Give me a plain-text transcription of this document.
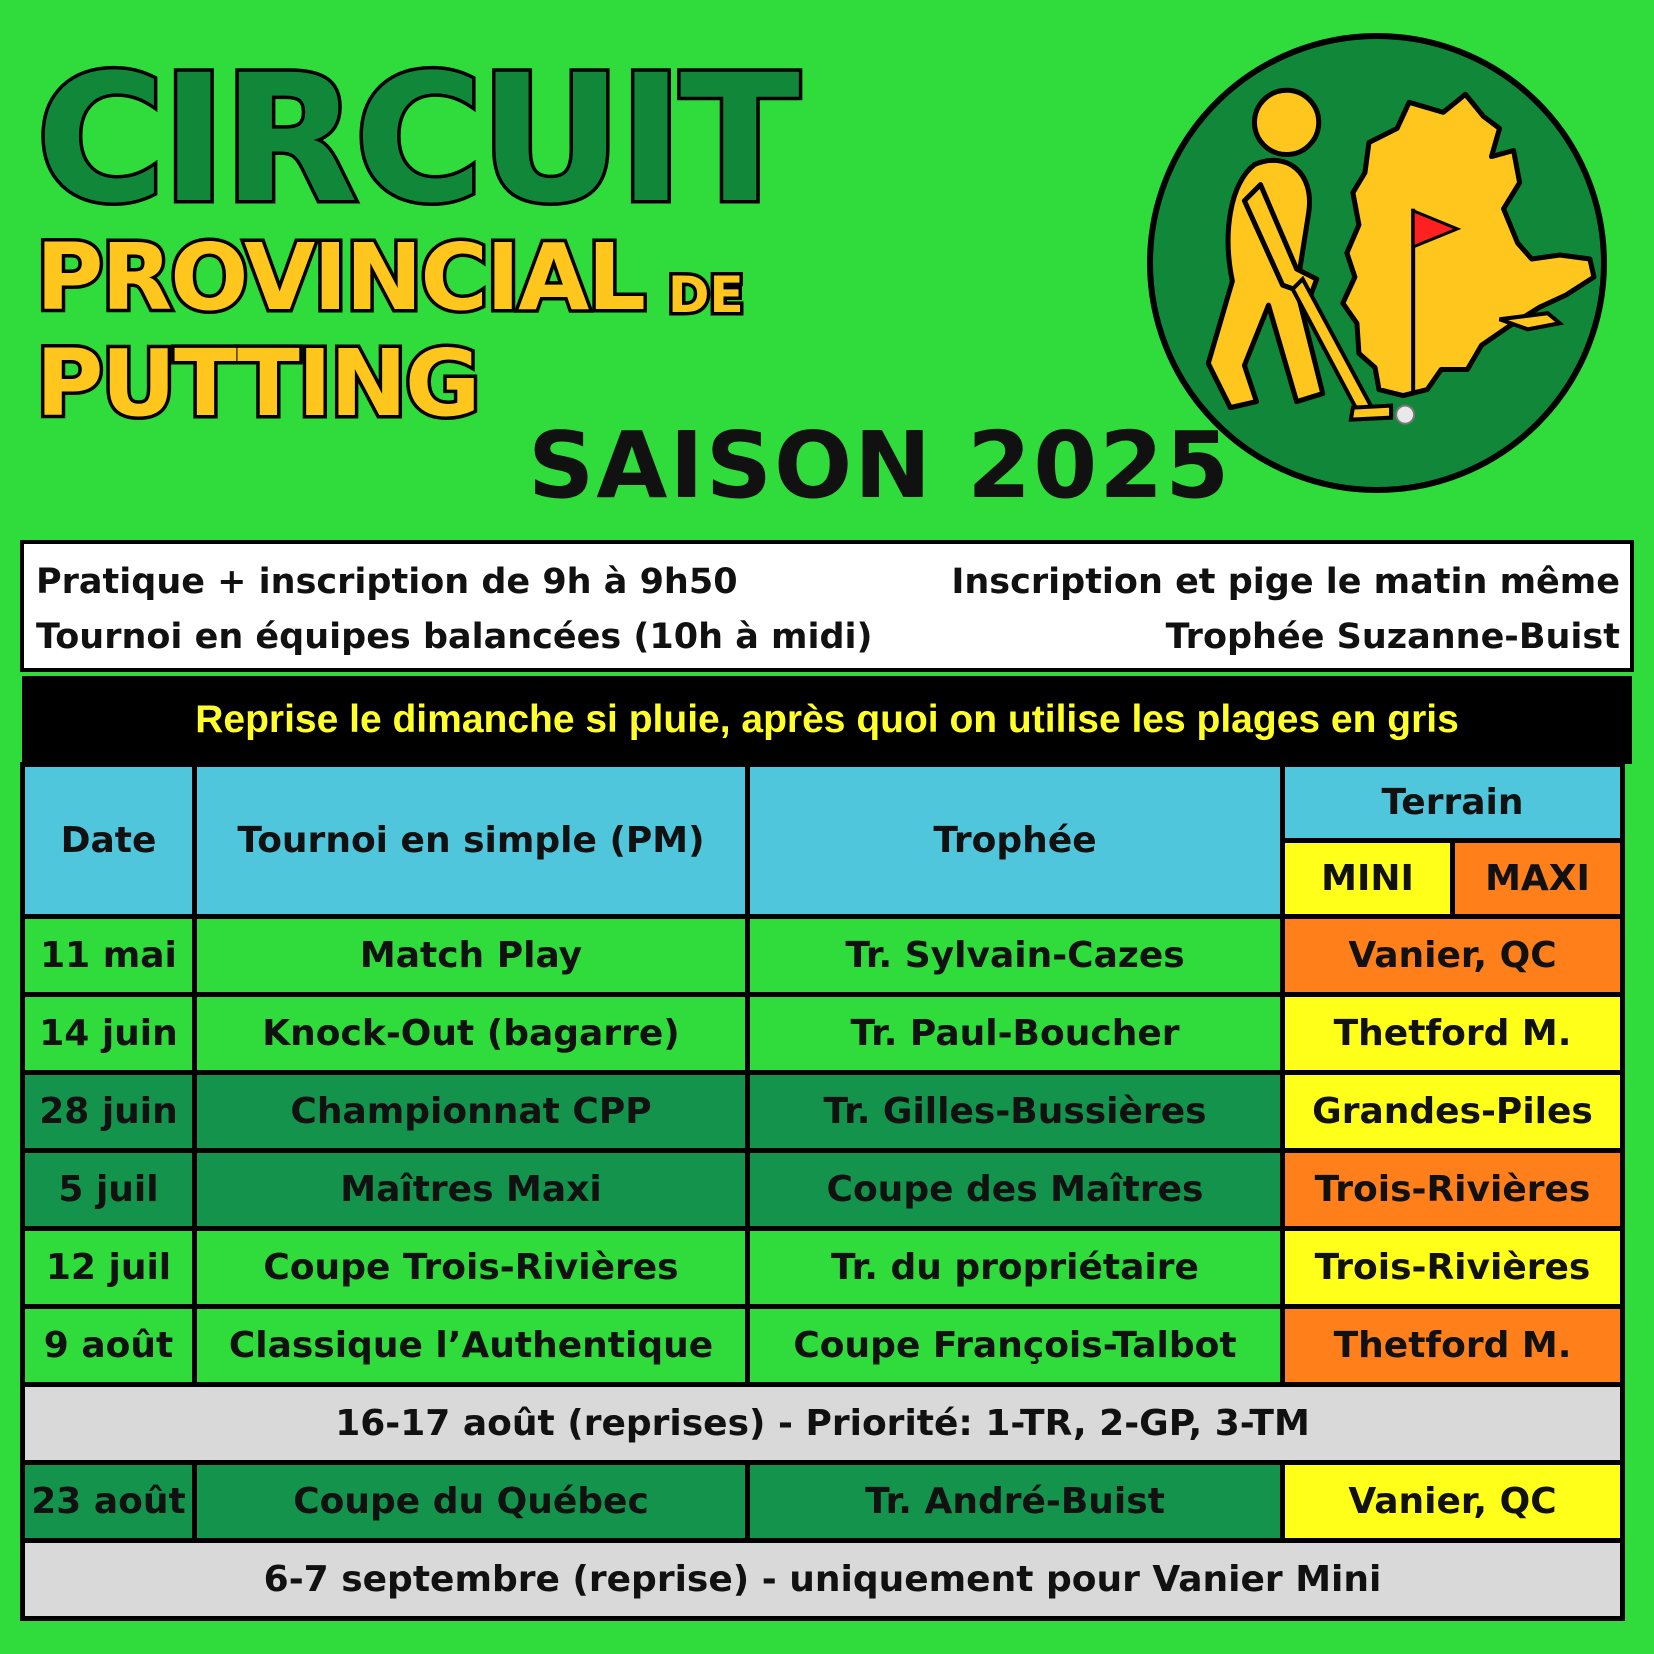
CIRCUIT
PROVINCIAL DE
PUTTING
SAISON 2025
Pratique + inscription de 9h à 9h50	Inscription et pige le matin même
Tournoi en équipes balancées (10h à midi)	Trophée Suzanne-Buist
Reprise le dimanche si pluie, après quoi on utilise les plages en gris
Date	Tournoi en simple (PM)	Trophée	Terrain	
			MINI	MAXI
11 mai	Match Play	Tr. Sylvain-Cazes	Vanier, QC	
14 juin	Knock-Out (bagarre)	Tr. Paul-Boucher	Thetford M.	
28 juin	Championnat CPP	Tr. Gilles-Bussières	Grandes-Piles	
5 juil	Maîtres Maxi	Coupe des Maîtres	Trois-Rivières	
12 juil	Coupe Trois-Rivières	Tr. du propriétaire	Trois-Rivières	
9 août	Classique l’Authentique	Coupe François-Talbot	Thetford M.	
16-17 août (reprises) - Priorité: 1-TR, 2-GP, 3-TM				
23 août	Coupe du Québec	Tr. André-Buist	Vanier, QC	
6-7 septembre (reprise) - uniquement pour Vanier Mini				
